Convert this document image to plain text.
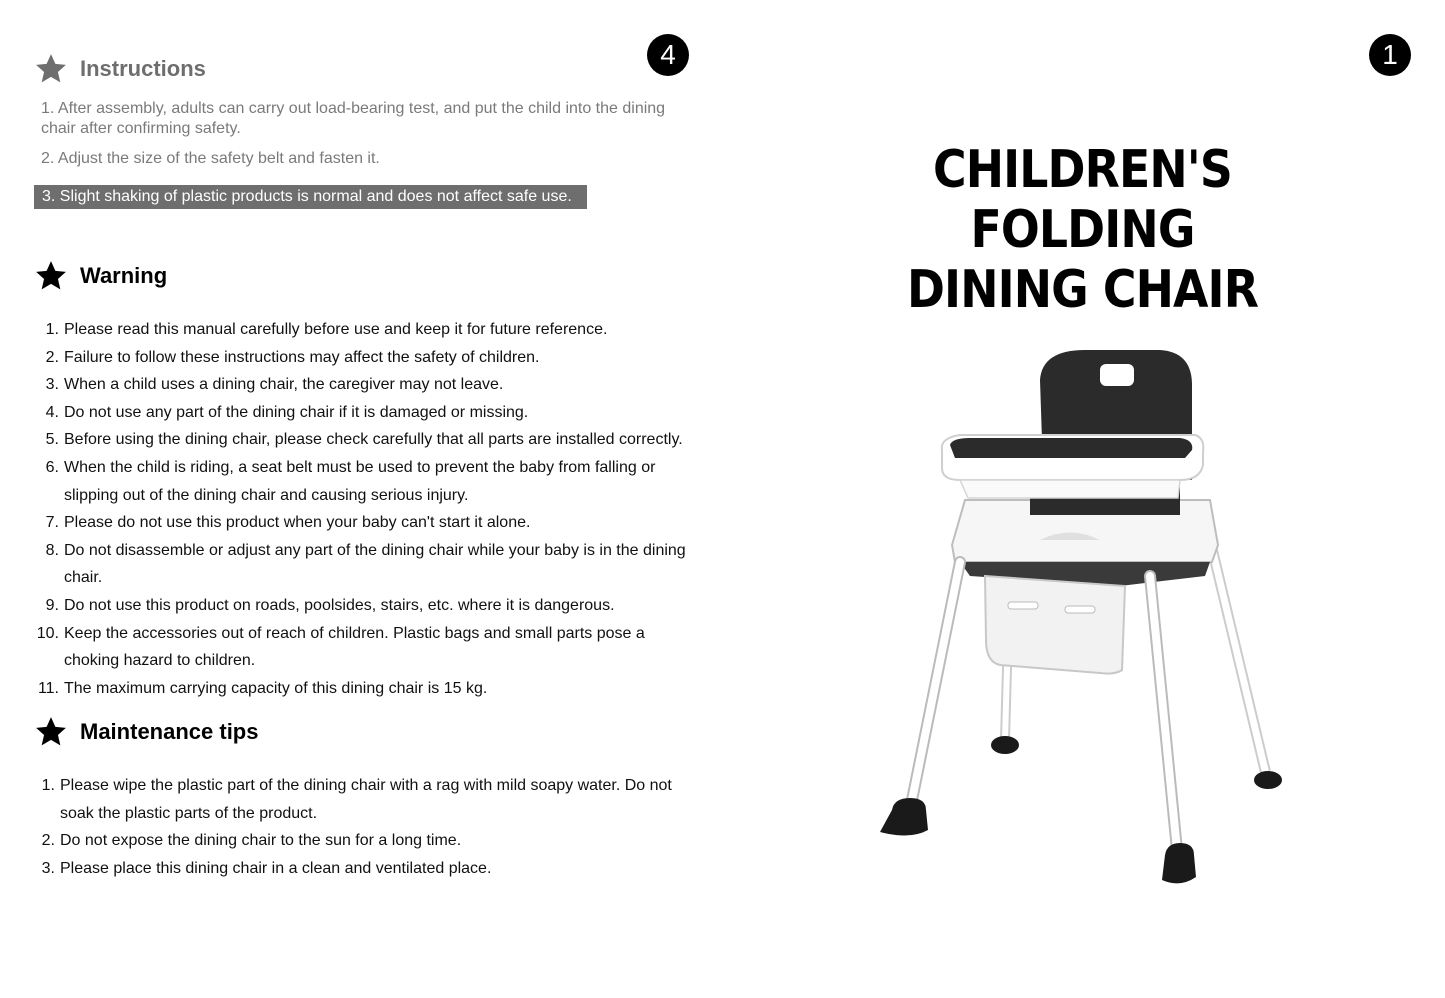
4
Instructions
1. After assembly, adults can carry out load-bearing test, and put the child into the dining chair after confirming safety.
2. Adjust the size of the safety belt and fasten it.
3. Slight shaking of plastic products is normal and does not affect safe use.
Warning
1. Please read this manual carefully before use and keep it for future reference.
2. Failure to follow these instructions may affect the safety of children.
3. When a child uses a dining chair, the caregiver may not leave.
4. Do not use any part of the dining chair if it is damaged or missing.
5. Before using the dining chair, please check carefully that all parts are installed correctly.
6. When the child is riding, a seat belt must be used to prevent the baby from falling or slipping out of the dining chair and causing serious injury.
7. Please do not use this product when your baby can't start it alone.
8. Do not disassemble or adjust any part of the dining chair while your baby is in the dining chair.
9. Do not use this product on roads, poolsides, stairs, etc. where it is dangerous.
10. Keep the accessories out of reach of children. Plastic bags and small parts pose a choking hazard to children.
11. The maximum carrying capacity of this dining chair is 15 kg.
Maintenance tips
1. Please wipe the plastic part of the dining chair with a rag with mild soapy water. Do not soak the plastic parts of the product.
2. Do not expose the dining chair to the sun for a long time.
3. Please place this dining chair in a clean and ventilated place.
1
CHILDREN'S FOLDING
DINING CHAIR
